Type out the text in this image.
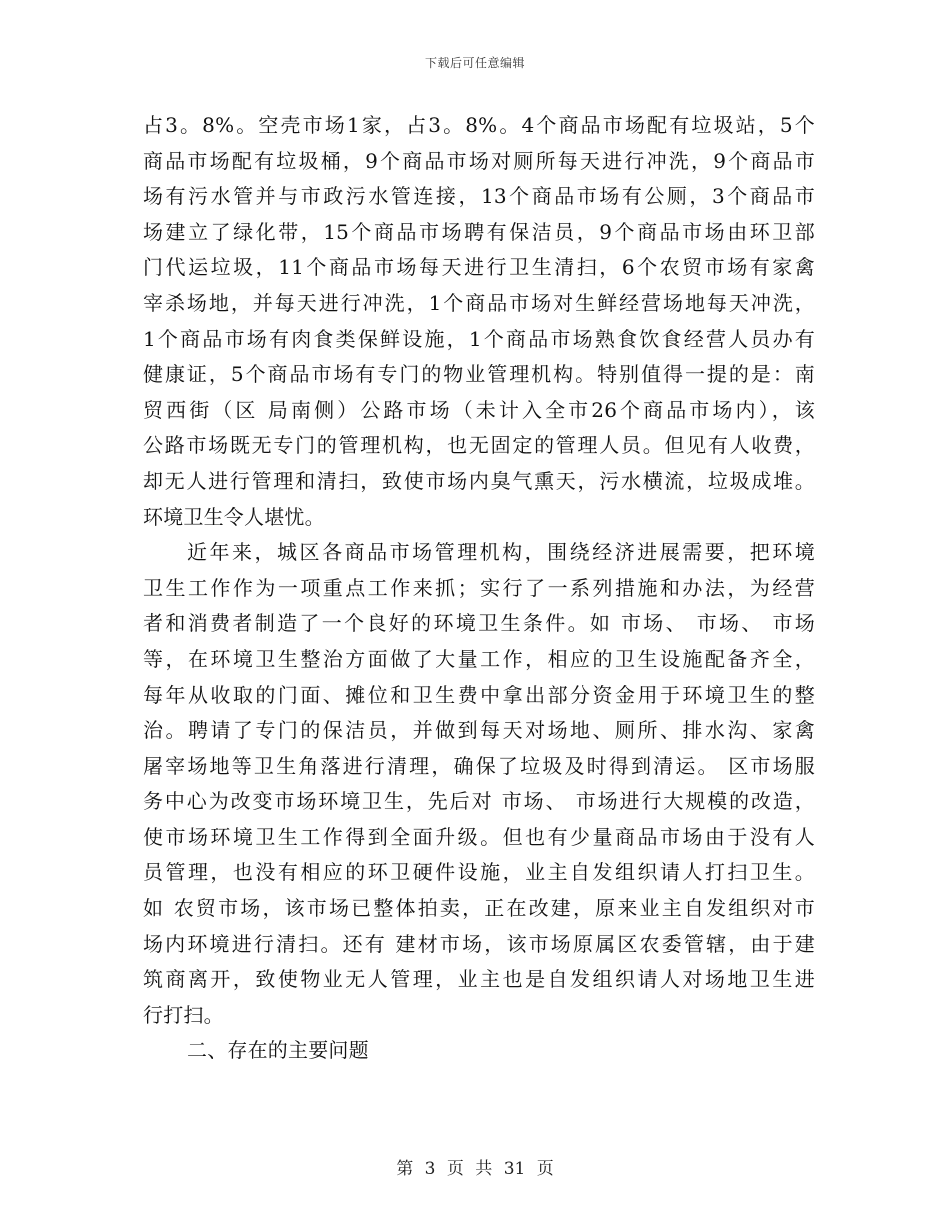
下载后可任意编辑
占3。8%。空壳市场1家，占3。8%。4个商品市场配有垃圾站，5个
商品市场配有垃圾桶，9个商品市场对厕所每天进行冲洗，9个商品市
场有污水管并与市政污水管连接，13个商品市场有公厕，3个商品市
场建立了绿化带，15个商品市场聘有保洁员，9个商品市场由环卫部
门代运垃圾，11个商品市场每天进行卫生清扫，6个农贸市场有家禽
宰杀场地，并每天进行冲洗，1个商品市场对生鲜经营场地每天冲洗，
1个商品市场有肉食类保鲜设施，1个商品市场熟食饮食经营人员办有
健康证，5个商品市场有专门的物业管理机构。特别值得一提的是：南
贸西街（区 局南侧）公路市场（未计入全市26个商品市场内），该
公路市场既无专门的管理机构，也无固定的管理人员。但见有人收费，
却无人进行管理和清扫，致使市场内臭气熏天，污水横流，垃圾成堆。
环境卫生令人堪忧。
近年来，城区各商品市场管理机构，围绕经济进展需要，把环境
卫生工作作为一项重点工作来抓；实行了一系列措施和办法，为经营
者和消费者制造了一个良好的环境卫生条件。如 市场、 市场、 市场
等，在环境卫生整治方面做了大量工作，相应的卫生设施配备齐全，
每年从收取的门面、摊位和卫生费中拿出部分资金用于环境卫生的整
治。聘请了专门的保洁员，并做到每天对场地、厕所、排水沟、家禽
屠宰场地等卫生角落进行清理，确保了垃圾及时得到清运。 区市场服
务中心为改变市场环境卫生，先后对 市场、 市场进行大规模的改造，
使市场环境卫生工作得到全面升级。但也有少量商品市场由于没有人
员管理，也没有相应的环卫硬件设施，业主自发组织请人打扫卫生。
如 农贸市场，该市场已整体拍卖，正在改建，原来业主自发组织对市
场内环境进行清扫。还有 建材市场，该市场原属区农委管辖，由于建
筑商离开，致使物业无人管理，业主也是自发组织请人对场地卫生进
行打扫。
二、存在的主要问题
第 3 页 共 31 页
